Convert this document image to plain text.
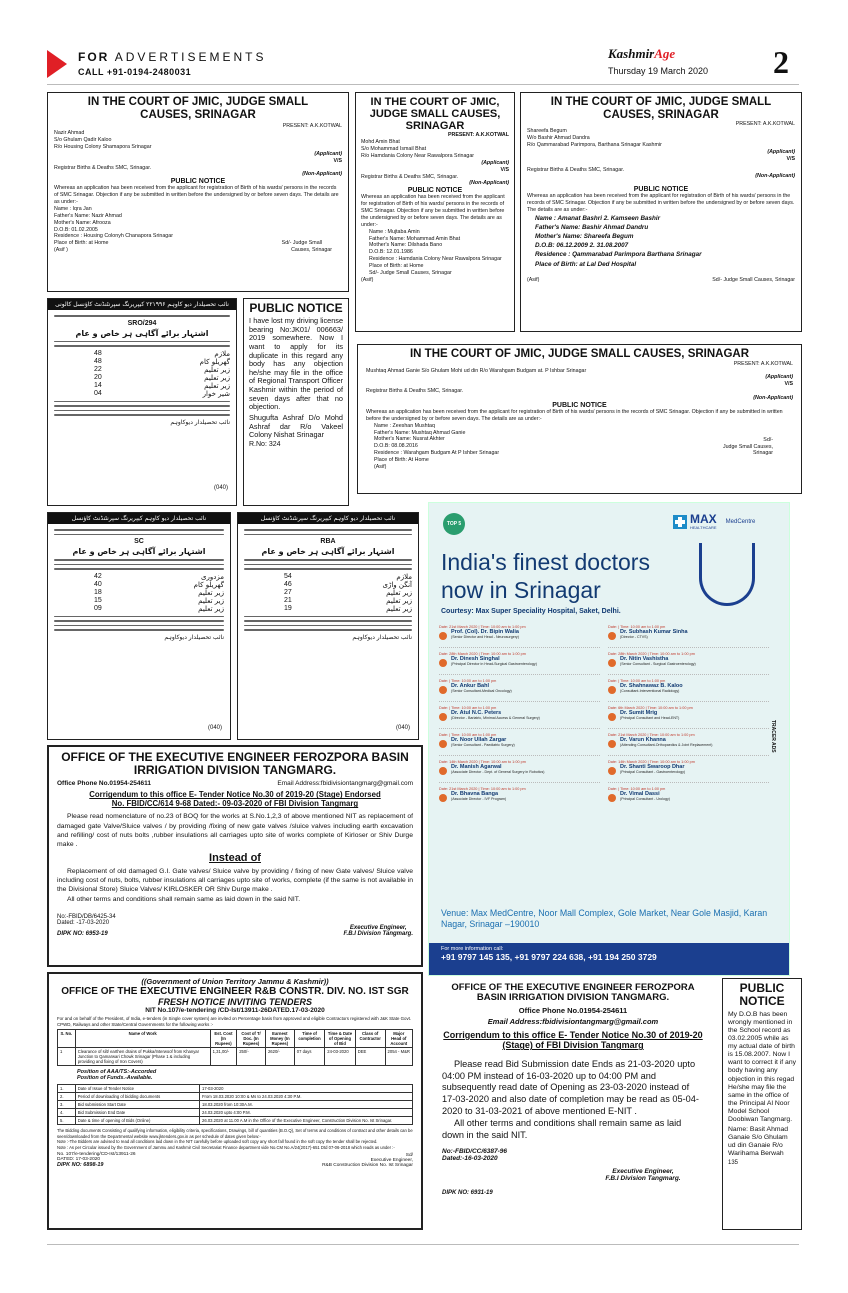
FOR ADVERTISEMENTS
CALL +91-0194-2480031
KashmirAge
Thursday 19 March 2020 2
IN THE COURT OF JMIC, JUDGE SMALL CAUSES, SRINAGAR
PRESENT: A.K.KOTWAL
Nazir Ahmad
S/o Ghulam Qadir Kaloo
R/o Housing Colony Shamapora Srinagar
(Applicant)
V/S
Registrar Births & Deaths SMC, Srinagar.
(Non-Applicant)
PUBLIC NOTICE
Whereas an application has been received from the applicant for registration of Birth of his wards/ persons in the records of SMC Srinagar. Objection if any be submitted in written before the undersigned by or before seven days. The details are as under:-
Name : Iqra Jan
Father's Name: Nazir Ahmad
Mother's Name: Afrooza
D.O.B: 01.02.2005
Residence : Housing Colonyh Chanapora Srinagar
Place of Birth: at Home	Sd/- Judge Small
(Asif )	Causes, Srinagar
IN THE COURT OF JMIC, JUDGE SMALL CAUSES, SRINAGAR
PRESENT: A.K.KOTWAL
Mohd Amin Bhat
S/o Mohammad Ismail Bhat
R/o Hamdania Colony Near Rawalpora Srinagar
(Applicant)
V/S
Registrar Births & Deaths SMC, Srinagar.
(Non-Applicant)
PUBLIC NOTICE
Whereas an application has been received from the applicant for registration of Birth of his wards/ persons in the records of SMC Srinagar. Objection if any be submitted in written before the undersigned by or before seven days. The details are as under:-
Name : Mujtaba Amin
Father's Name: Mohammad Amin Bhat
Mother's Name: Dilshada Bano
D.O.B: 12.01.1986
Residence : Hamdania Colony Near Rawalpora Srinagar
Place of Birth: at Home
Sd/- Judge Small Causes, Srinagar
(Asif)
IN THE COURT OF JMIC, JUDGE SMALL CAUSES, SRINAGAR
PRESENT: A.K.KOTWAL
Shareefa Begum
W/o Bashir Ahmad Dandra
R/o Qammarabad Parimpora, Barthana Srinagar Kashmir
(Applicant)
V/S
Registrar Births & Deaths SMC, Srinagar.
(Non-Applicant)
PUBLIC NOTICE
Whereas an application has been received from the applicant for registration of Birth of his wards/ persons in the records of SMC Srinagar. Objection if any be submitted in written before the undersigned by or before seven days. The details are as under:-
Name : Amanat Bashri 2. Kamseen Bashir
Father's Name: Bashir Ahmad Dandru
Mother's Name: Shareefa Begum
D.O.B: 06.12.2009 2. 31.08.2007
Residence : Qammarabad Parimpora Barthana Srinagar
Place of Birth: at Lal Ded Hospital
(Asif)	Sd/- Judge Small Causes, Srinagar
نائب تحصیلدار دیو کاوہم ۲۲۱۹۹۶ کیپریرنگ سپرنٹنڈنٹ کاؤنسل کالونی
SRO/294
اشتہار برائے آگاہی ہر خاص و عام
48	ملازم
48	گھریلو کام
22	زیر تعلیم
20	زیر تعلیم
14	زیر تعلیم
04	شیر خوار
نائب تحصیلدار دیوکاوہم
(040)
PUBLIC NOTICE
I have lost my driving license bearing No:JK01/ 006663/ 2019 somewhere. Now I want to apply for its duplicate in this regard any body has any objection he/she may file in the office of Regional Transport Officer Kashmir within the period of seven days after that no objection.
Shugufta Ashraf D/o Mohd Ashraf dar R/o Vakeel Colony Nishat Srinagar
R.No: 324
IN THE COURT OF JMIC, JUDGE SMALL CAUSES, SRINAGAR
PRESENT: A.K.KOTWAL
Mushtaq Ahmad Ganie S/o Ghulam Mohi ud din R/o Warahgam Budgam at. P Ishbar Srinagar
(Applicant)
V/S
Registrar Births & Deaths SMC, Srinagar.
(Non-Applicant)
PUBLIC NOTICE
Whereas an application has been received from the applicant for registration of Birth of his wards/ persons in the records of SMC Srinagar. Objection if any be submitted in written before the undersigned by or before seven days. The details are as under:-
Name : Zeeshan Mushtaq
Father's Name: Mushtaq Ahmad Ganie
Mother's Name: Nusrat Akhter
D.O.B: 08.08.2016
Residence : Warahgam Budgam At P Ishber Srinagar
Place of Birth: At Home
(Asif)
Sd/-
Judge Small Causes,
Srinagar
نائب تحصیلدار دیو کاوہم کیپریرنگ سپرنٹنڈنٹ کاؤنسل
SC
اشتہار برائے آگاہی ہر خاص و عام
42	مزدوری
40	گھریلو کام
18	زیر تعلیم
15	زیر تعلیم
09	زیر تعلیم
نائب تحصیلدار دیوکاوہم
(040)
نائب تحصیلدار دیو کاوہم کیپریرنگ سپرنٹنڈنٹ کاؤنسل
RBA
اشتہار برائے آگاہی ہر خاص و عام
54	ملازم
46	آنگن واڑی
27	زیر تعلیم
21	زیر تعلیم
19	زیر تعلیم
نائب تحصیلدار دیوکاوہم
(040)
TOP 5	MAX
HEALTHCARE
MedCentre
India's finest doctors
now in Srinagar
Courtesy: Max Super Speciality Hospital, Saket, Delhi.
Date: 21st March 2020 | Time: 10:00 am to 1:00 pm
Prof. (Col). Dr. Bipin Walia
(Senior Director and Head - Neurosurgery)
Date: | Time: 10:00 am to 1:00 pm
Dr. Subhash Kumar Sinha
(Director - CTVS)
Date: 28th March 2020 | Time: 10:00 am to 1:00 pm
Dr. Dinesh Singhal
(Principal Director in Head-Surgical Gastroenterology)
Date: 28th March 2020 | Time: 10:00 am to 1:00 pm
Dr. Nitin Vashistha
(Senior Consultant - Surgical Gastroenterology)
Date: | Time: 10:00 am to 1:00 pm
Dr. Ankur Bahl
(Senior Consultant-Medical Oncology)
Date: | Time: 10:00 am to 1:00 pm
Dr. Shahnawaz B. Kaloo
(Consultant-Interventional Radiology)
Date: | Time: 10:00 am to 1:00 pm
Dr. Atul N.C. Peters
(Director - Bariatric, Minimal Access & General Surgery)
Date: 6th March 2020 | Time: 10:00 am to 1:00 pm
Dr. Sumit Mrig
(Principal Consultant and Head-ENT)
Date: | Time: 10:00 am to 1:00 pm
Dr. Noor Ullah Zargar
(Senior Consultant - Paediatric Surgery)
Date: 21st March 2020 | Time: 10:00 am to 1:00 pm
Dr. Varun Khanna
(Attending Consultant-Orthopaedics & Joint Replacement)
Date: 14th March 2020 | Time: 10:00 am to 1:00 pm
Dr. Manish Agarwal
(Associate Director - Dept. of General Surgery in Robotics)
Date: 14th March 2020 | Time: 10:00 am to 1:00 pm
Dr. Shanti Swaroop Dhar
(Principal Consultant - Gastroenterology)
Date: 21st March 2020 | Time: 10:00 am to 1:00 pm
Dr. Bhavna Banga
(Associate Director - IVF Program)
Date: | Time: 10:00 am to 1:00 pm
Dr. Vimal Dassi
(Principal Consultant - Urology)
Venue: Max MedCentre, Noor Mall Complex, Gole Market, Near Gole Masjid, Karan Nagar, Srinagar –190010
For more information call:
+91 9797 145 135, +91 9797 224 638, +91 194 250 3729
TRACER ADS
OFFICE OF THE EXECUTIVE ENGINEER FEROZPORA BASIN
IRRIGATION DIVISION TANGMARG.
Office Phone No.01954-254611	Email Address:fbidivisiontangmarg@gmail.com
Corrigendum to this office E- Tender Notice No.30 of 2019-20 (Stage) Endorsed
No. FBID/CC/614 9-68 Dated:- 09-03-2020 of FBI Division Tangmarg
Please read nomenclature of no.23 of BOQ for the works at S.No.1,2,3 of above mentioned NIT as replacement of damaged gate Valve/Sluice valves / by providing /fixing of new gate valves /sluice valves including earth excavation and refilling/ cost of nuts bolts ,rubber insulations all carriages upto site of works complete of Kirloser or Shiv Durge make .
Instead of
Replacement of old damaged G.I. Gate valves/ Sluice valve by providing / fixing of new Gate valves/ Sluice valve including cost of nuts, bolts, rubber insulations all carriages upto site of works, complete (if the same is not available in the Divisional Store) Sluice Valves/ KIRLOSKER OR Shiv Durge make .
All other terms and conditions shall remain same as laid down in the said NIT.
No:-FBID/DB/6425-34
Dated: -17-03-2020
DIPK NO: 6953-19
Executive Engineer,
F.B.I Division Tangmarg.
((Government of Union Territory Jammu & Kashmir))
OFFICE OF THE EXECUTIVE ENGINEER R&B CONSTR. DIV. NO. IST SGR
FRESH NOTICE INVITING TENDERS
NIT No.107/e-tendering /CD-Ist/13911-26DATED.17-03-2020
For and on behalf of the President, of India, e-tenders (in Single cover system) are invited on Percentage basis from approved and eligible Contractors registered with J&K State Govt. CPWD, Railways and other State/Central Governments for the following works :-
S. No.	Name of Work	Est. Cost (In Rupees)	Cost of T/ Doc. (In Rupees)	Earnest Money (In Rupees)	Time of completion	Time & Date of Opening of Bid	Class of Contractor	Major Head of Account
1	Clearance of silt/ earthen drains of Pukka/Interwoof from Khanyar Junction to Qamarwari Chowk Srinagar (Phase 1 & including providing and fixing of Iron Covers)	1,31,00/-	250/-	2620/-	07 days	24-03-2020	DEE	2054 - M&R
Position of AAA/TS:-Accorded
Position of Funds.-Available.
1.	Date of Issue of Tender Notice	17-03-2020
2.	Period of downloading of bidding documents	From 18.03.2020 10:00 & Ms to 24.03.2020 4:30 P.M.
3.	Bid submission Start Date	18.03.2020 from 10:30A.M.
4.	Bid Submission End Date	24.03.2020 upto 4:00 P.M.
5.	Date & time of opening of Bids (Online)	26.03.2020 at 11.00 A.M in the Office of the Executive Engineer, Construction Division No. Ist Srinagar.
The Bidding documents Consisting of qualifying information, eligibility criteria, specifications, Drawings, bill of quantities (B.O.Q), Set of terms and conditions of contract and other details can be seen/downloaded from the Departmental website www.jktenders.gov.in as per schedule of dates given below:-
Note :-The Bidders are advised to read all conditions laid down in the NIT carefully before uploaded soft copy any short fall found in the soft copy the tender shall be rejected.
Note : As per Circular issued by the Government of Jammu and Kashmir Civil Secretariat Finance department vide No.CM No.A/24(2017)-651 Dtd 07-06-2018 which reads as under :-
No. 107/e-tendering/CD-Ist/13911-26
DATED: 17-03-2020
DIPK NO: 6898-19
Sd/
Executive Engineer,
R&B Construction Division No. Ist Srinagar
OFFICE OF THE EXECUTIVE ENGINEER FEROZPORA BASIN IRRIGATION DIVISION TANGMARG.
Office Phone No.01954-254611
Email Address:fbidivisiontangmarg@gmail.com
Corrigendum to this office E- Tender Notice No.30 of 2019-20 (Stage) of FBI Division Tangmarg
Please read Bid Submission date Ends as 21-03-2020 upto 04:00 PM instead of 16-03-2020 up to 04:00 PM and subsequently read date of Opening as 23-03-2020 instead of 17-03-2020 and also date of completion may be read as 05-04-2020 to 31-03-2021 of above mentioned E-NIT .
All other terms and conditions shall remain same as laid down in the said NIT.
No:-FBID/CC/6387-96
Dated:-16-03-2020
Executive Engineer,
F.B.I Division Tangmarg.
DIPK NO: 6931-19
PUBLIC NOTICE
My D.O.B has been wrongly mentioned in the School record as 03.02.2005 while as my actual date of birth is 15.08.2007. Now I want to correct it if any body having any objection in this regad He/she may file the same in the office of the Principal Al Noor Model School Doobiwan Tangmarg.
Name: Basit Ahmad Ganaie S/o Ghulam ud din Ganaie R/o Warihama Berwah
135
